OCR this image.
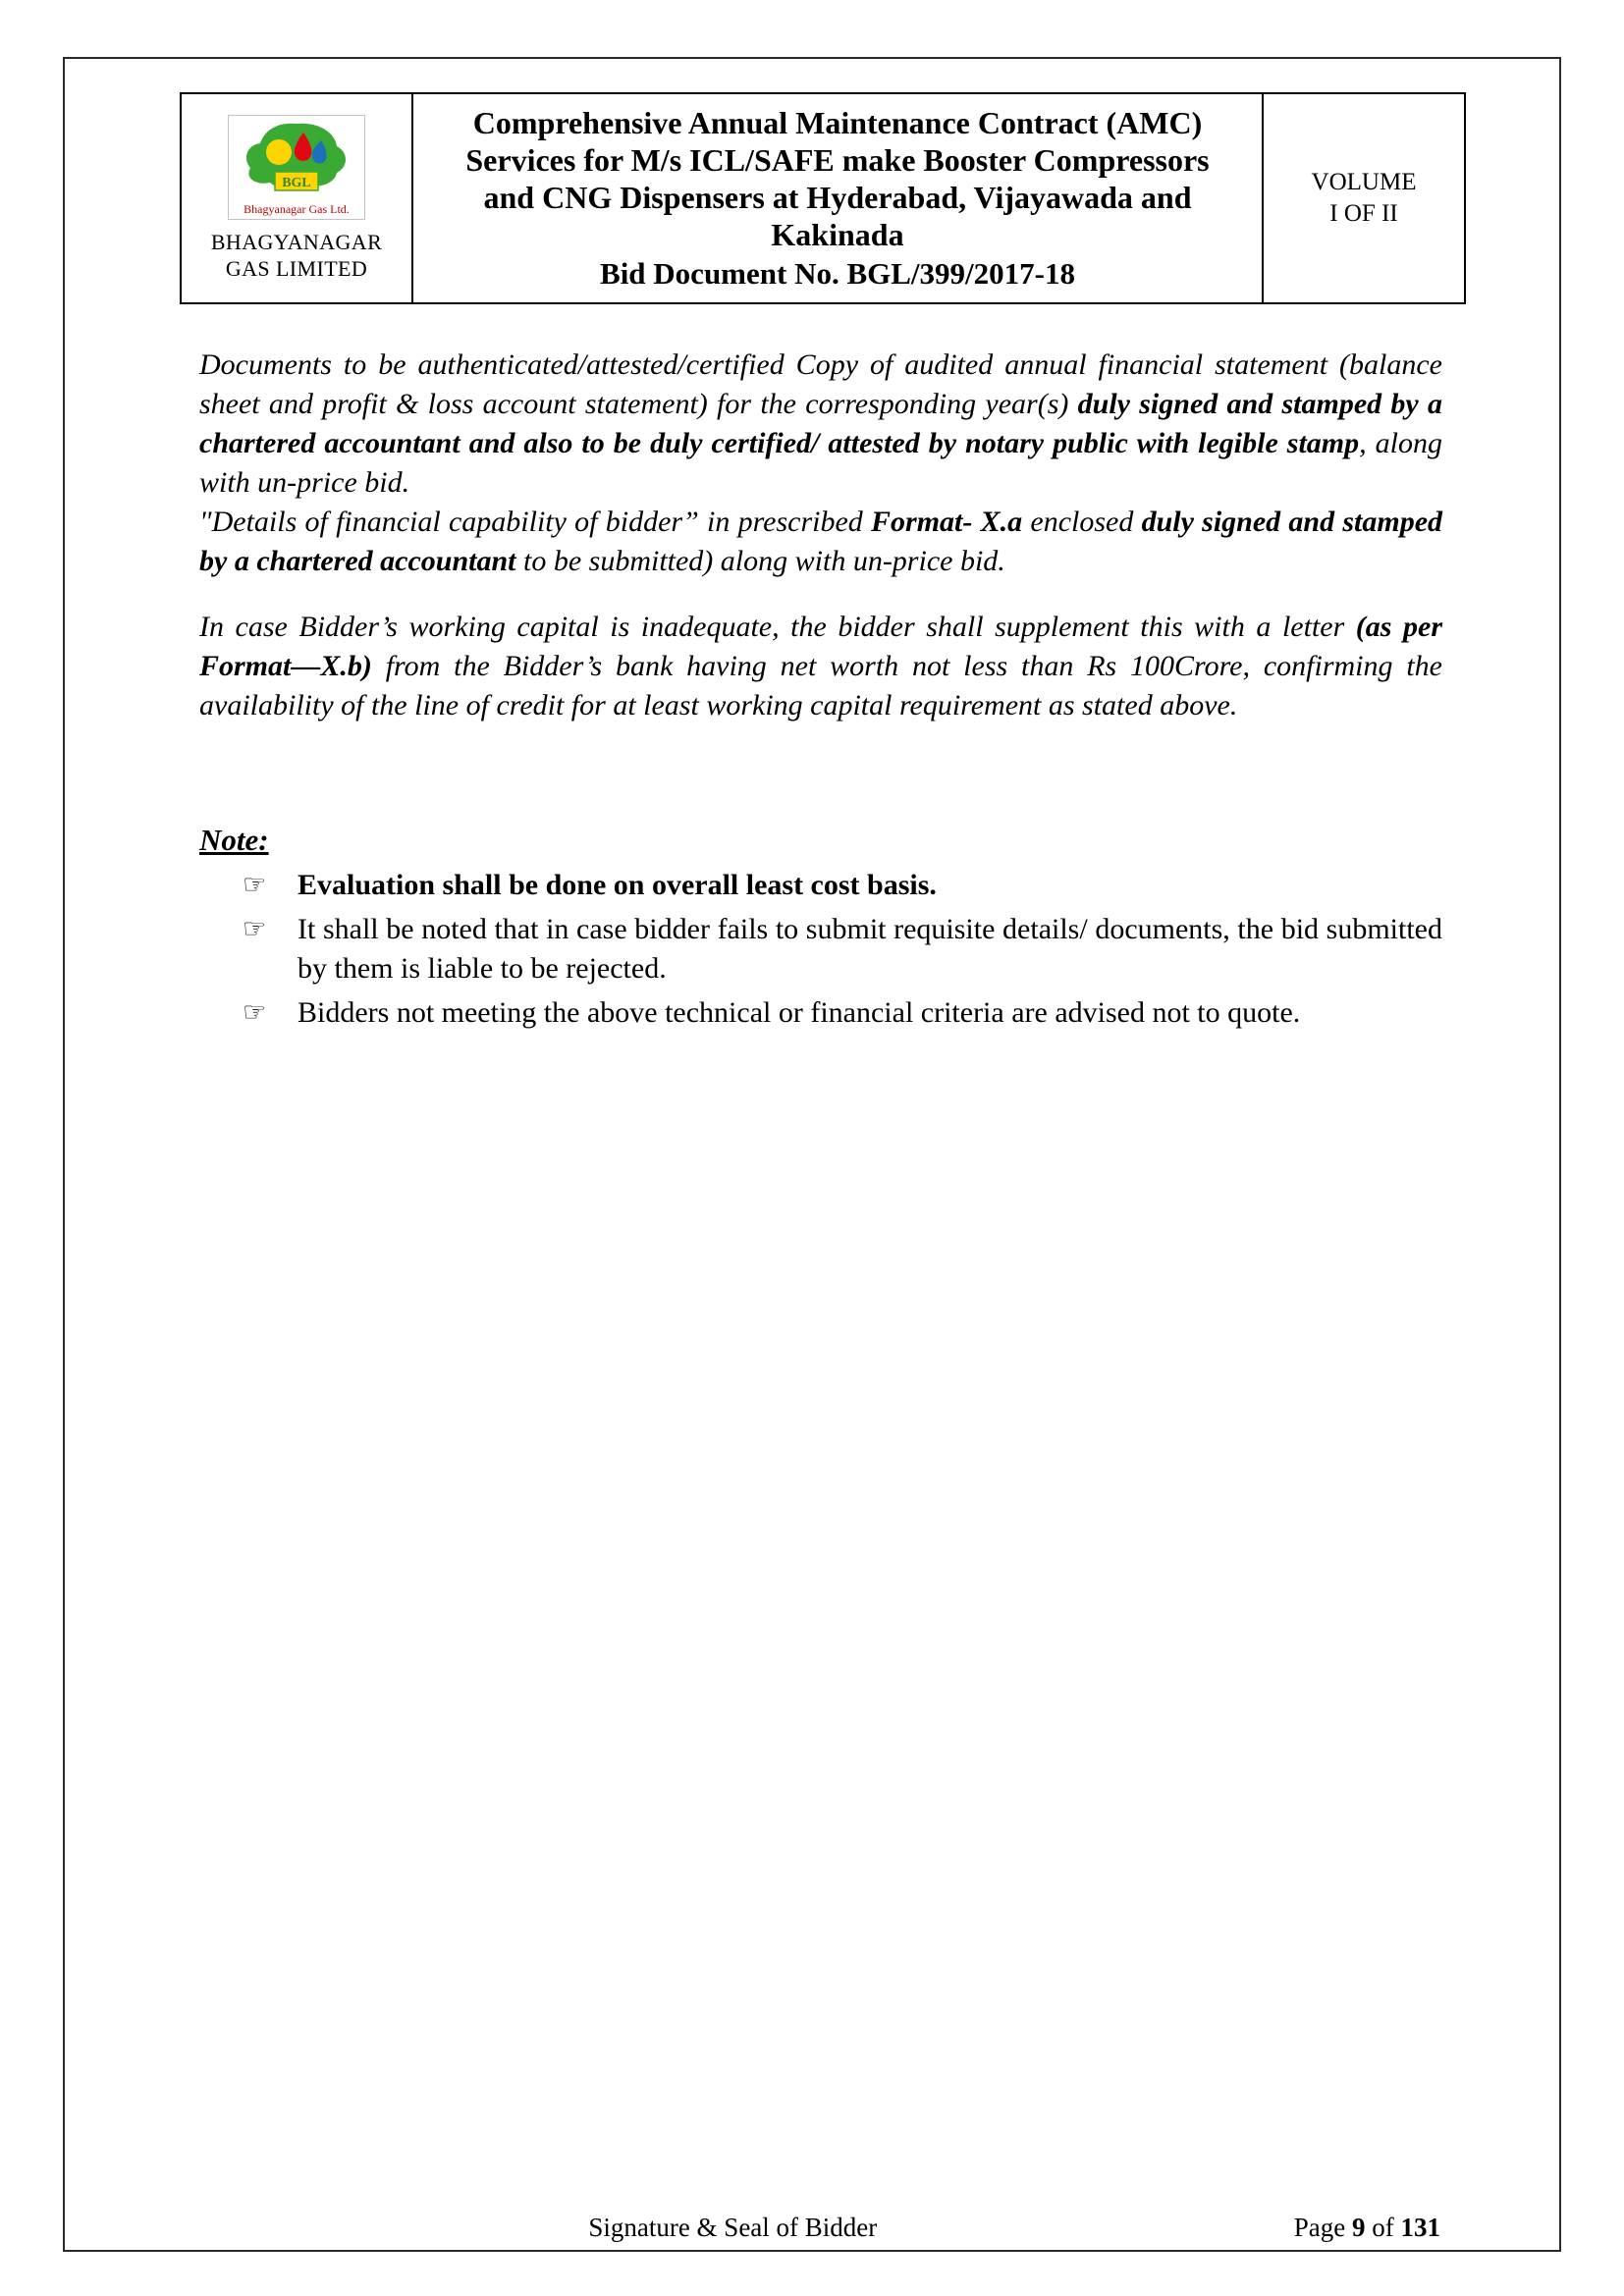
BGL
Bhagyanagar Gas Ltd.
BHAGYANAGAR
GAS LIMITED
Comprehensive Annual Maintenance Contract (AMC)
Services for M/s ICL/SAFE make Booster Compressors
and CNG Dispensers at Hyderabad, Vijayawada and
Kakinada
Bid Document No. BGL/399/2017-18
VOLUME
I OF II

Documents to be authenticated/attested/certified Copy of audited annual financial statement (balance sheet and profit & loss account statement) for the corresponding year(s) duly signed and stamped by a chartered accountant and also to be duly certified/ attested by notary public with legible stamp, along with un-price bid.

"Details of financial capability of bidder” in prescribed Format- X.a enclosed duly signed and stamped by a chartered accountant to be submitted) along with un-price bid.

In case Bidder’s working capital is inadequate, the bidder shall supplement this with a letter (as per Format—X.b) from the Bidder’s bank having net worth not less than Rs 100Crore, confirming the availability of the line of credit for at least working capital requirement as stated above.

Note:
☞	Evaluation shall be done on overall least cost basis.
☞	It shall be noted that in case bidder fails to submit requisite details/ documents, the bid submitted by them is liable to be rejected.
☞	Bidders not meeting the above technical or financial criteria are advised not to quote.
Signature & Seal of Bidder	Page 9 of 131
